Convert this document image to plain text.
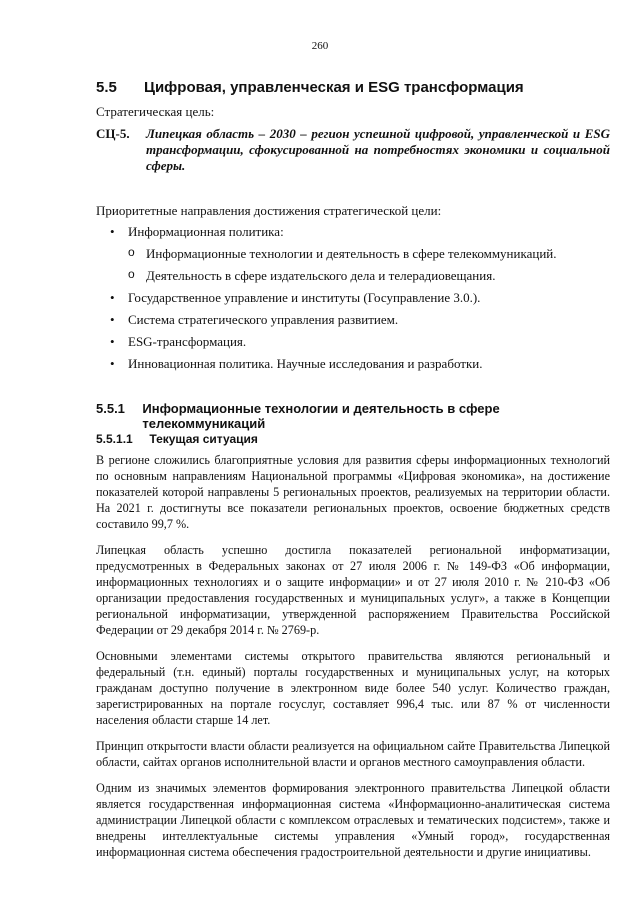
260
5.5	Цифровая, управленческая и ESG трансформация
Стратегическая цель:
СЦ-5.	Липецкая область – 2030 – регион успешной цифровой, управленческой и ESG трансформации, сфокусированной на потребностях экономики и социальной сферы.
Приоритетные направления достижения стратегической цели:
• Информационная политика:
o Информационные технологии и деятельность в сфере телекоммуникаций.
o Деятельность в сфере издательского дела и телерадиовещания.
• Государственное управление и институты (Госуправление 3.0.).
• Система стратегического управления развитием.
• ESG-трансформация.
• Инновационная политика. Научные исследования и разработки.
5.5.1	Информационные технологии и деятельность в сфере телекоммуникаций
5.5.1.1 Текущая ситуация

В регионе сложились благоприятные условия для развития сферы информационных технологий по основным направлениям Национальной программы «Цифровая экономика», на достижение показателей которой направлены 5 региональных проектов, реализуемых на территории области. На 2021 г. достигнуты все показатели региональных проектов, освоение бюджетных средств составило 99,7 %.

Липецкая область успешно достигла показателей региональной информатизации, предусмотренных в Федеральных законах от 27 июля 2006 г. № 149-ФЗ «Об информации, информационных технологиях и о защите информации» и от 27 июля 2010 г. № 210-ФЗ «Об организации предоставления государственных и муниципальных услуг», а также в Концепции региональной информатизации, утвержденной распоряжением Правительства Российской Федерации от 29 декабря 2014 г. № 2769-р.

Основными элементами системы открытого правительства являются региональный и федеральный (т.н. единый) порталы государственных и муниципальных услуг, на которых гражданам доступно получение в электронном виде более 540 услуг. Количество граждан, зарегистрированных на портале госуслуг, составляет 996,4 тыс. или 87 % от численности населения области старше 14 лет.

Принцип открытости власти области реализуется на официальном сайте Правительства Липецкой области, сайтах органов исполнительной власти и органов местного самоуправления области.

Одним из значимых элементов формирования электронного правительства Липецкой области является государственная информационная система «Информационно-аналитическая система администрации Липецкой области с комплексом отраслевых и тематических подсистем», также и внедрены интеллектуальные системы управления «Умный город», государственная информационная система обеспечения градостроительной деятельности и другие инициативы.
